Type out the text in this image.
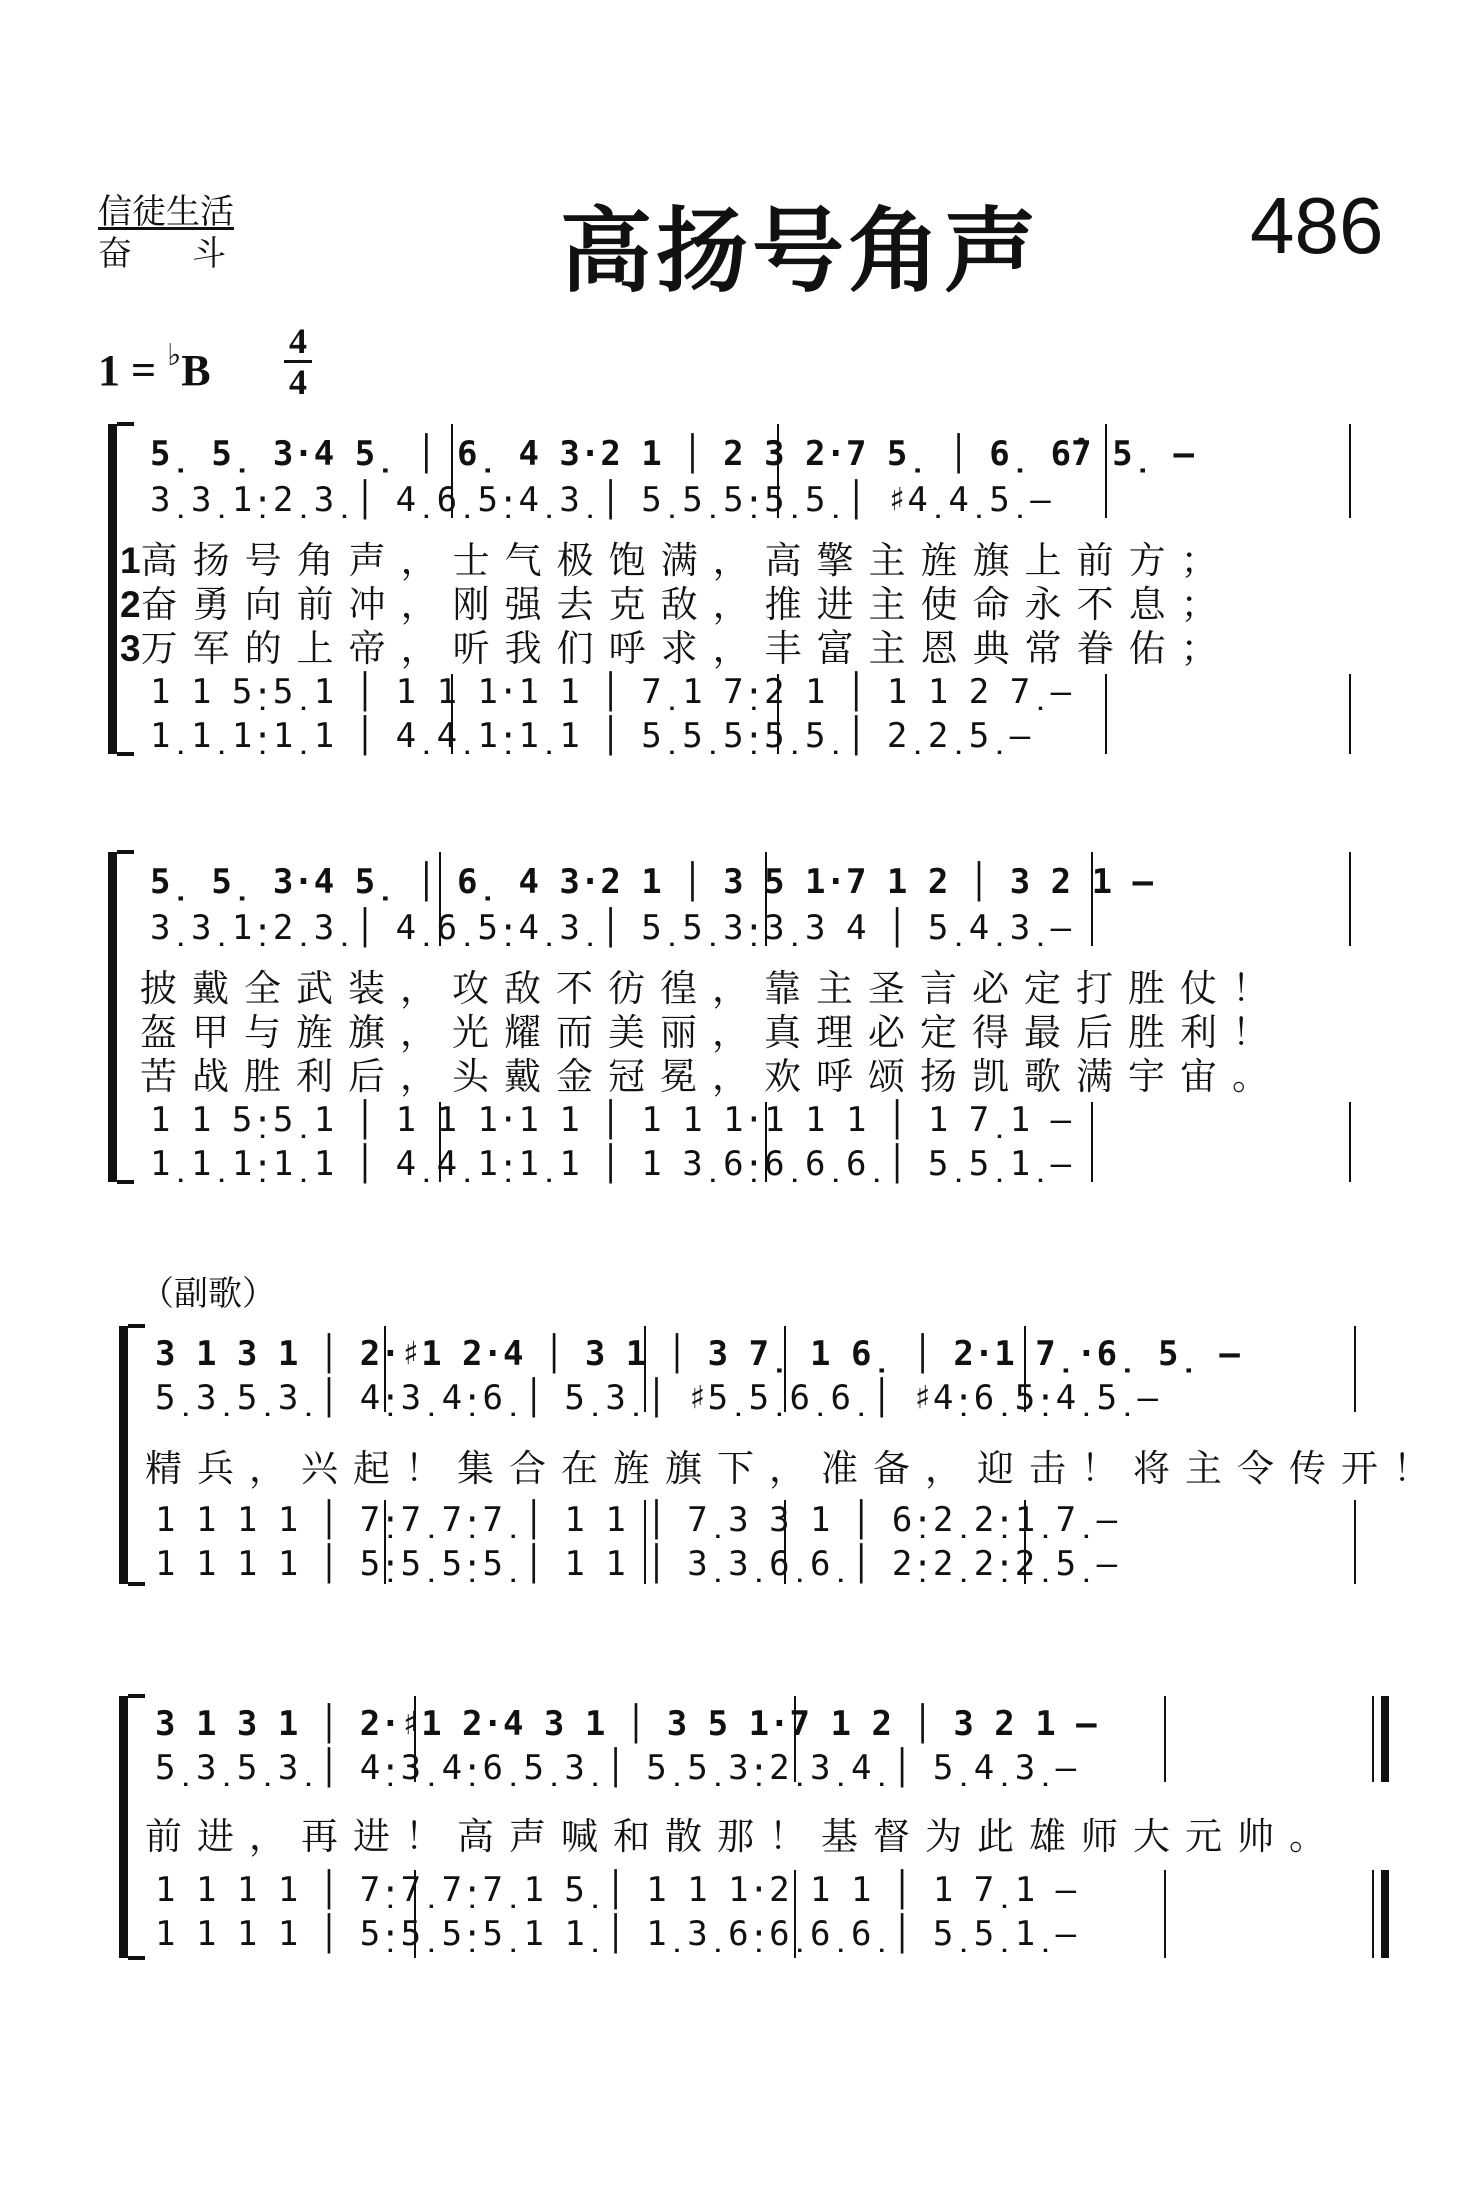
信徒生活
奋斗	高扬号角声	486
1 = ♭B
4
4
（副歌）
5̣ 5̣ 3·4 5̣ │ 6̣ 4 3·2 1 │ 2 3 2·7 5̣ │ 6̣ 6̂7 5̣ –
3̣ 3̣ 1̣·2̣ 3̣ │ 4̣ 6̣ 5̣·4̣ 3̣ │ 5̣ 5̣ 5̣·5̣ 5̣ │ ♯4̣ 4̣ 5̣ –
1高扬号角声，士气极饱满，高擎主旌旗上前方；
2奋勇向前冲，刚强去克敌，推进主使命永不息；
3万军的上帝，听我们呼求，丰富主恩典常眷佑；
1 1 5̣·5̣ 1 │ 1 1 1·1 1 │ 7̣ 1 7̣·2 1 │ 1 1 2 7̣ –
1̣ 1̣ 1̣·1̣ 1 │ 4̣ 4̣ 1̣·1̣ 1 │ 5̣ 5̣ 5̣·5̣ 5̣ │ 2̣ 2̣ 5̣ –
5̣ 5̣ 3·4 5̣ │ 6̣ 4 3·2 1 │ 3 5 1·7 1 2 │ 3 2 1 –
3̣ 3̣ 1̣·2̣ 3̣ │ 4̣ 6̣ 5̣·4̣ 3̣ │ 5̣ 5̣ 3̣·3̣ 3 4 │ 5̣ 4̣ 3̣ –
披戴全武装，攻敌不彷徨，靠主圣言必定打胜仗！
盔甲与旌旗，光耀而美丽，真理必定得最后胜利！
苦战胜利后，头戴金冠冕，欢呼颂扬凯歌满宇宙。
1 1 5̣·5̣ 1 │ 1 1 1·1 1 │ 1 1 1·1 1 1 │ 1 7̣ 1 –
1̣ 1̣ 1̣·1̣ 1 │ 4̣ 4̣ 1̣·1̣ 1 │ 1 3̣ 6̣·6̣ 6̣ 6̣ │ 5̣ 5̣ 1̣ –
3 1 3 1 │ 2·♯1 2·4 │ 3 1 │ 3 7̣ 1 6̣ │ 2·1 7̣·6̣ 5̣ –
5̣ 3̣ 5̣ 3̣ │ 4̣·3̣ 4̣·6̣ │ 5̣ 3̣ │ ♯5̣ 5̣ 6̣ 6̣ │ ♯4̣·6̣ 5̣·4̣ 5̣ –
精兵，兴起！集合在旌旗下，准备，迎击！将主令传开！
1 1 1 1 │ 7̣·7̣ 7̣·7̣ │ 1 1 │ 7̣ 3 3 1 │ 6̣·2̣ 2̣·1̣ 7̣ –
1 1 1 1 │ 5̣·5̣ 5̣·5̣ │ 1 1 │ 3̣ 3̣ 6̣ 6̣ │ 2̣·2̣ 2̣·2̣ 5̣ –
3 1 3 1 │ 2·♯1 2·4 3 1 │ 3 5 1·7 1 2 │ 3 2 1 –
5̣ 3̣ 5̣ 3̣ │ 4̣·3̣ 4̣·6̣ 5̣ 3̣ │ 5̣ 5̣ 3̣·2̣ 3̣ 4̣ │ 5̣ 4̣ 3̣ –
前进，再进！高声喊和散那！基督为此雄师大元帅。
1 1 1 1 │ 7̣·7̣ 7̣·7̣ 1 5̣ │ 1 1 1·2 1 1 │ 1 7̣ 1 –
1 1 1 1 │ 5̣·5̣ 5̣·5̣ 1 1̣ │ 1̣ 3̣ 6̣·6̣ 6̣ 6̣ │ 5̣ 5̣ 1̣ –
